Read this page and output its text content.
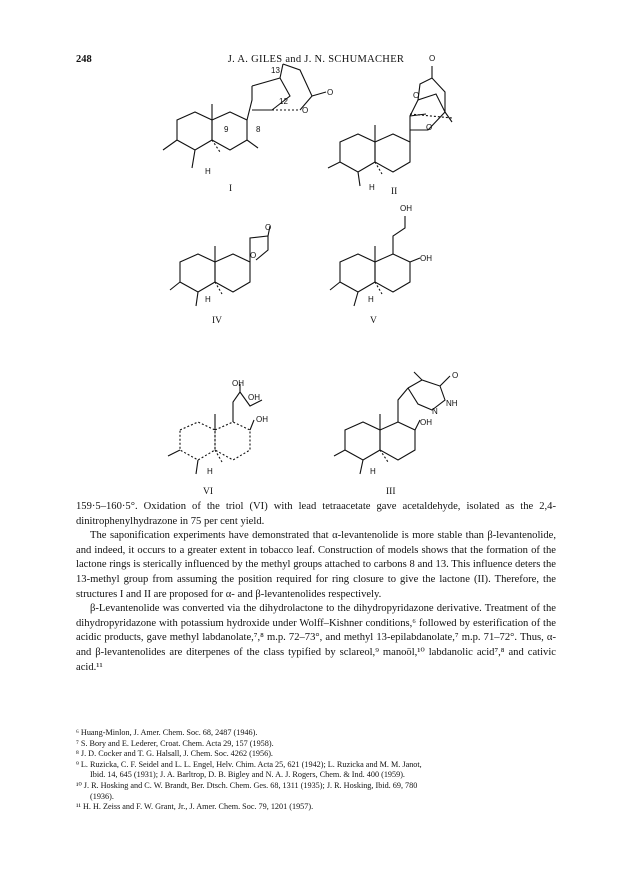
248	J. A. GILES and J. N. SCHUMACHER
13
12
O
O
9	8
H
I
O
O
O
H II
O
O
H
IV
OH
OH
H
V
OH
OH
OH
H
VI
O
N
NH
OH
H
III

159·5–160·5°. Oxidation of the triol (VI) with lead tetraacetate gave acetaldehyde, isolated as the 2,4-dinitrophenylhydrazone in 75 per cent yield.

The saponification experiments have demonstrated that α-levantenolide is more stable than β-levantenolide, and indeed, it occurs to a greater extent in tobacco leaf. Construction of models shows that the formation of the lactone rings is sterically influenced by the methyl groups attached to carbons 8 and 13. This influence deters the 13-methyl group from assuming the position required for ring closure to give the lactone (II). Therefore, the structures I and II are proposed for α- and β-levantenolides respectively.

β-Levantenolide was converted via the dihydrolactone to the dihydropyridazone derivative. Treatment of the dihydropyridazone with potassium hydroxide under Wolff–Kishner conditions,⁶ followed by esterification of the acidic products, gave methyl labdanolate,⁷,⁸ m.p. 72–73°, and methyl 13-epilabdanolate,⁷ m.p. 71–72°. Thus, α- and β-levantenolides are diterpenes of the class typified by sclareol,⁹ manoöl,¹⁰ labdanolic acid⁷,⁸ and cativic acid.¹¹

⁶ Huang-Minlon, J. Amer. Chem. Soc. 68, 2487 (1946).
⁷ S. Bory and E. Lederer, Croat. Chem. Acta 29, 157 (1958).
⁸ J. D. Cocker and T. G. Halsall, J. Chem. Soc. 4262 (1956).
⁹ L. Ruzicka, C. F. Seidel and L. L. Engel, Helv. Chim. Acta 25, 621 (1942); L. Ruzicka and M. M. Janot,
Ibid. 14, 645 (1931); J. A. Barltrop, D. B. Bigley and N. A. J. Rogers, Chem. & Ind. 400 (1959).
¹⁰ J. R. Hosking and C. W. Brandt, Ber. Dtsch. Chem. Ges. 68, 1311 (1935); J. R. Hosking, Ibid. 69, 780
(1936).
¹¹ H. H. Zeiss and F. W. Grant, Jr., J. Amer. Chem. Soc. 79, 1201 (1957).
